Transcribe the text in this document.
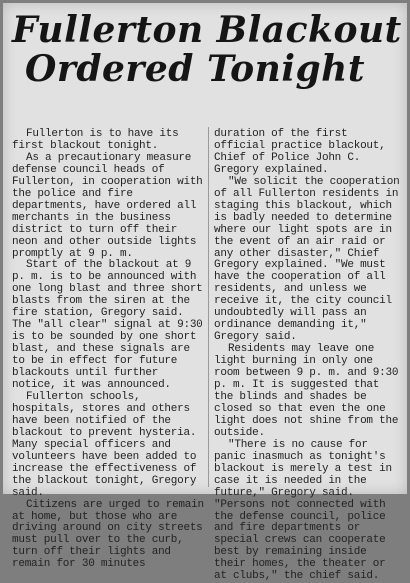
Fullerton Blackout
Ordered Tonight

Fullerton is to have its first blackout tonight.

As a precautionary measure defense council heads of Fullerton, in cooperation with the police and fire departments, have ordered all merchants in the business district to turn off their neon and other outside lights promptly at 9 p. m.

Start of the blackout at 9 p. m. is to be announced with one long blast and three short blasts from the siren at the fire station, Gregory said. The "all clear" signal at 9:30 is to be sounded by one short blast, and these signals are to be in effect for future blackouts until further notice, it was announced.

Fullerton schools, hospitals, stores and others have been notified of the blackout to prevent hysteria. Many special officers and volunteers have been added to increase the effectiveness of the blackout tonight, Gregory said.

Citizens are urged to remain at home, but those who are driving around on city streets must pull over to the curb, turn off their lights and remain for 30 minutes

duration of the first official practice blackout, Chief of Police John C. Gregory explained.

"We solicit the cooperation of all Fullerton residents in staging this blackout, which is badly needed to determine where our light spots are in the event of an air raid or any other disaster," Chief Gregory explained. "We must have the cooperation of all residents, and unless we receive it, the city council undoubtedly will pass an ordinance demanding it," Gregory said.

Residents may leave one light burning in only one room between 9 p. m. and 9:30 p. m. It is suggested that the blinds and shades be closed so that even the one light does not shine from the outside.

"There is no cause for panic inasmuch as tonight's blackout is merely a test in case it is needed in the future," Gregory said. "Persons not connected with the defense council, police and fire departments or special crews can cooperate best by remaining inside their homes, the theater or at clubs," the chief said.
